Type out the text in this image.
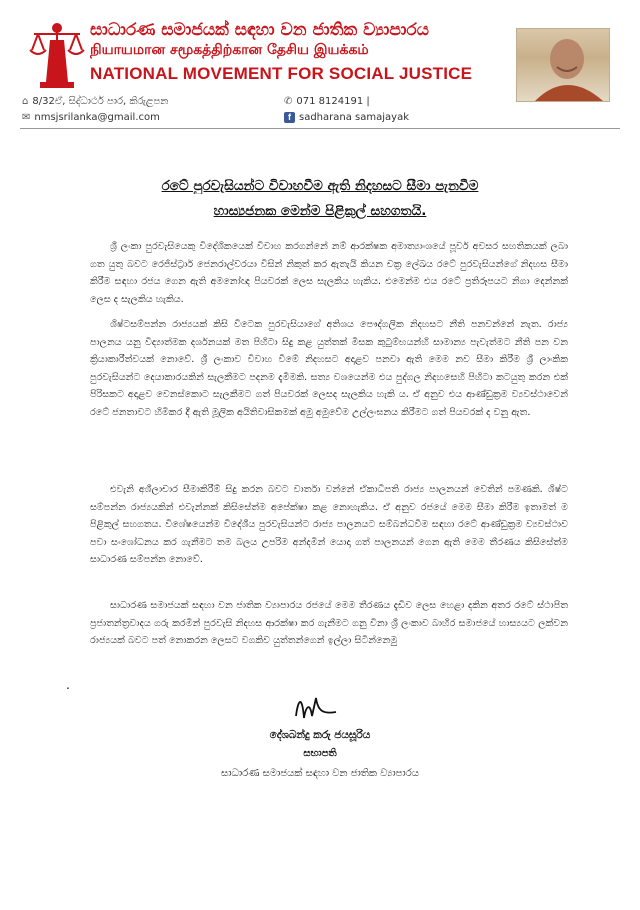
සාධාරණ සමාජයක් සඳහා වන ජාතික ව්‍යාපාරය
நியாயமான சமூகத்திற்கான தேசிய இயக்கம்
NATIONAL MOVEMENT FOR SOCIAL JUSTICE
⌂ 8/32ඒ, සිද්ධාර්ථ පාර, කිරුළපන
✉ nmsjsrilanka@gmail.com
✆ 071 8124191 |
f sadharana samajayak
රටේ පුරවැසියන්ට විවාහවීම ඇති නිදහසට සීමා පැනවීම
හාස්‍යජනක මෙන්ම පිළිකුල් සහගතයි.
ශ්‍රී ලංකා පුරවැසියෙකු විදේශිකයෙක් විවාහ කරගන්නේ නම් ආරක්ෂක අමාත්‍යාංශයේ පූර්ව අවසර සහතිකයක් ලබා ගත යුතු බවට රෙජිස්ට්‍රාර් ජෙනරාල්වරයා විසින් නිකුත් කර ඇතැයි කියන චක්‍ර ලේඛය රටේ පුරවැසියන්ගේ නිදහස සීමා කිරීම සඳහා රජය ගෙන ඇති අමනෝඥ පියවරක් ලෙස සැලකිය හැකිය. එමෙන්ම එය රටේ ප්‍රතිරූපයට නිගා දෙන්නක් ලෙස ද සැලකිය හැකිය.
ශිෂ්ටසම්පන්න රාජ්‍යයක් කිසි විටෙක පුරවැසියාගේ අතිශය පෞද්ගලික නිදහසට නීති පනවන්නේ නැත. රාජ්‍ය පාලනය යනු විද්‍යාත්මක දර්ශනයක් මත පිහිටා සිදු කළ යුත්තක් මිසක කුටුම්භයන්හි සාමාන්‍ය පැවැත්මට නීති පන වන ක්‍රියාකාරීත්වයක් නොවේ. ශ්‍රී ලංකාව විවාහ වීමේ නිදහසට අදාළව පනවා ඇති මෙම නව සීමා කිරීම ශ්‍රී ලාංකික පුරවැසියන්ට දෙයාකාරයකින් සැලකීමට පදනම දැමීමකි. සත්‍ය වශයෙන්ම එය පුද්ගල නිදහසෙහි පිහිටා කටයුතු කරන එක් පිරිසකට අදාළව වෙනස්කොට සැලකීමට ගත් පියවරක් ලෙසද සැලකිය හැකි ය. ඒ අනුව එය ආණ්ඩුක්‍රම ව්‍යවස්ථාවෙන් රටේ ජනතාවට හිමිකර දී ඇති මූලික අයිතිවාසිකමක් අමු අමුවේම උල්ලංඝනය කිරීමට ගත් පියවරක් ද වනු ඇත.
එවැනි අශීලාචාර සීමාකිරීම් සිදු කරන බවට වාර්තා වන්නේ ඒකාධිපති රාජ්‍ය පාලනයන් වෙතින් පමණකි. ශිෂ්ට සම්පන්න රාජ්‍යයකින් එවැන්නක් කිසිසේත්ම අපේක්ෂා කළ නොහැකිය. ඒ අනුව රජයේ මෙම සීමා කිරීම ඉතාමත් ම පිළිකුල් සහගතය. විශේෂයෙන්ම විදේශීය පුරවැසියන්ට රාජ්‍ය පාලනයට සම්බන්ධවීම සඳහා රටේ ආණ්ඩුක්‍රම ව්‍යවස්ථාව පවා සංශෝධනය කර ගැනීමට තම බලය උපරිම අන්දමින් යොදා ගත් පාලනයන් ගෙන ඇති මෙම තීරණය කිසිසේත්ම සාධාරණ සම්පන්න නොවේ.
සාධාරණ සමාජයක් සඳහා වන ජාතික ව්‍යාපාරය රජයේ මෙම තීරණය දැඩිව ලෙස හෙළා දකින අතර රටේ ස්ථාපිත ප්‍රජාතන්ත්‍රවාදය ගරු කරමින් පුරවැසි නිදහස ආරක්ෂා කර ගැනීමට ගනු විනා ශ්‍රී ලංකාව බාහිර සමාජයේ හාස්‍යයට ලක්වන රාජ්‍යයක් බවට පත් නොකරන ලෙසට වගකිව යුත්තන්ගෙන් ඉල්ලා සිටින්නෙමු
.
දේශබන්දු කරු ජයසූරිය
සභාපති
සාධාරණ සමාජයක් සඳහා වන ජාතික ව්‍යාපාරය
